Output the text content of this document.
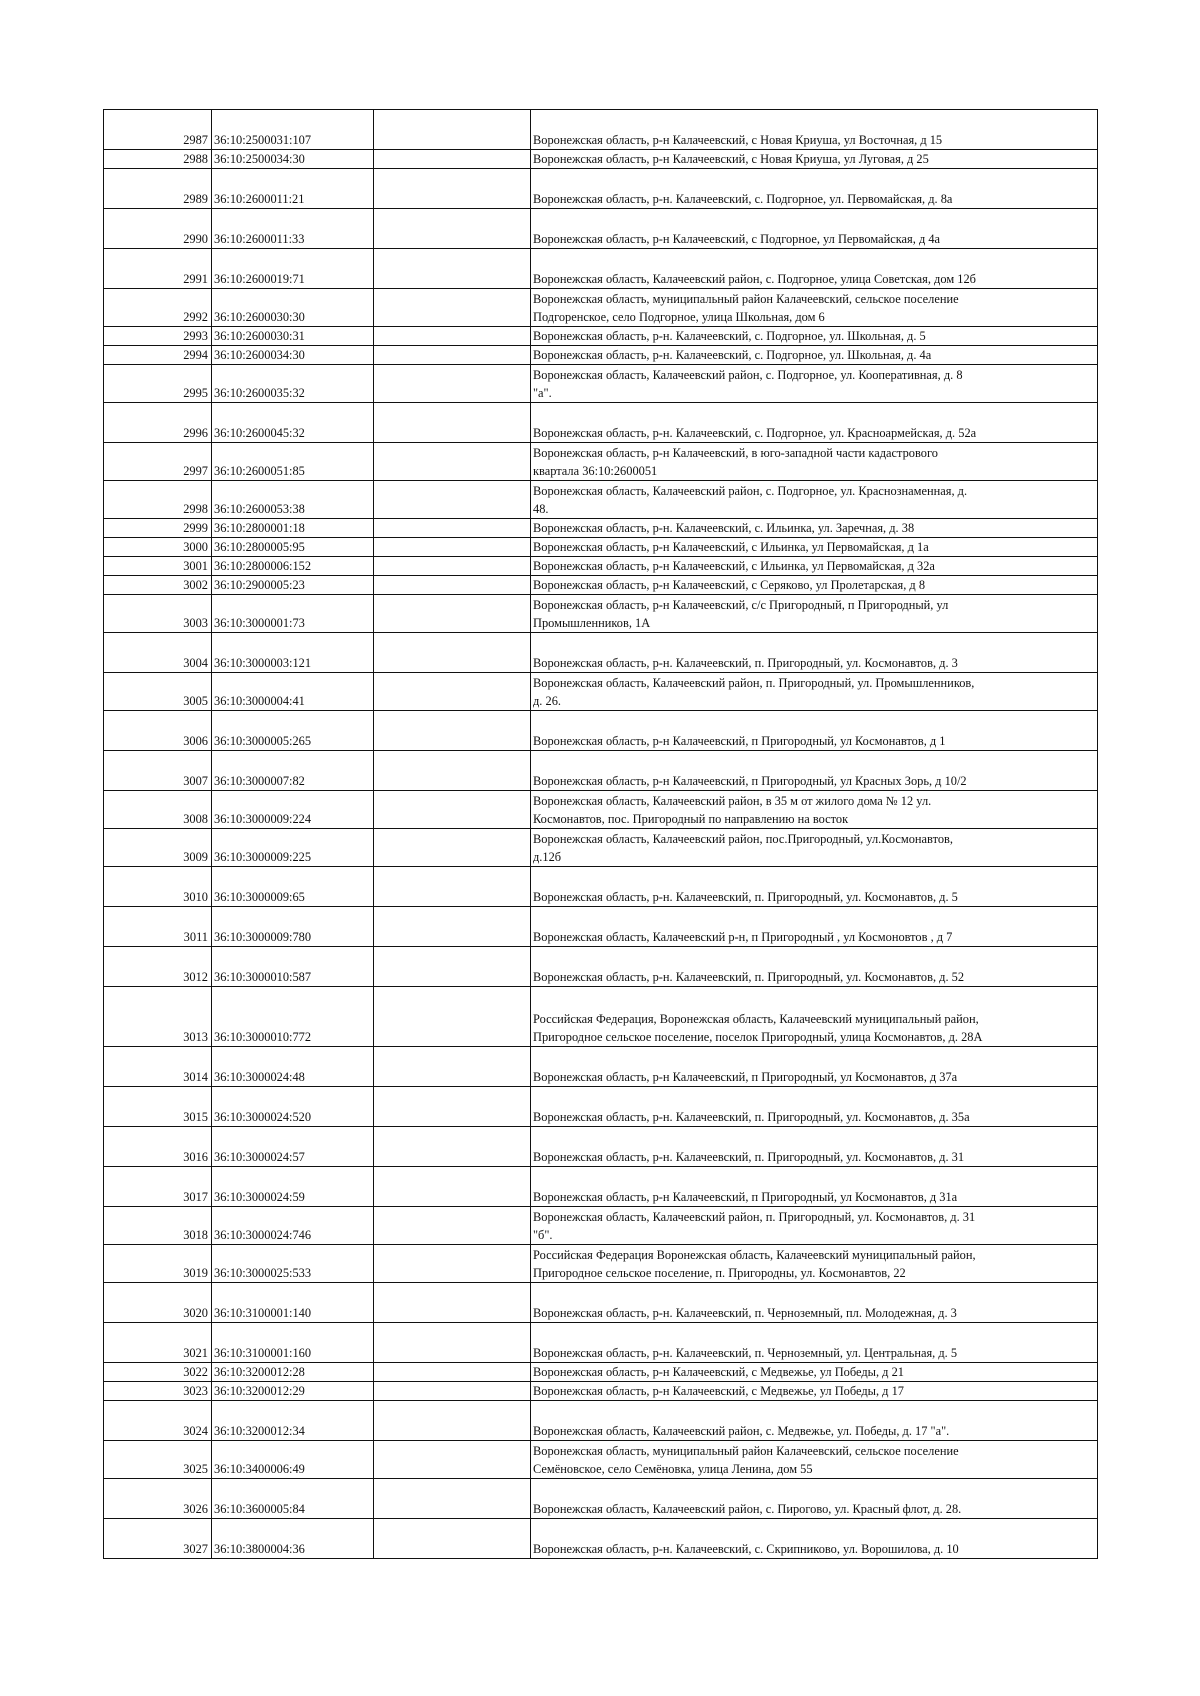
2987	36:10:2500031:107		Воронежская область, р-н Калачеевский, с Новая Криуша, ул Восточная, д 15
2988	36:10:2500034:30		Воронежская область, р-н Калачеевский, с Новая Криуша, ул Луговая, д 25
2989	36:10:2600011:21		Воронежская область, р-н. Калачеевский, с. Подгорное, ул. Первомайская, д. 8а
2990	36:10:2600011:33		Воронежская область, р-н Калачеевский, с Подгорное, ул Первомайская, д 4а
2991	36:10:2600019:71		Воронежская область, Калачеевский район, с. Подгорное, улица Советская, дом 12б
2992	36:10:2600030:30		Воронежская область, муниципальный район Калачеевский, сельское поселение
Подгоренское, село Подгорное, улица Школьная, дом 6
2993	36:10:2600030:31		Воронежская область, р-н. Калачеевский, с. Подгорное, ул. Школьная, д. 5
2994	36:10:2600034:30		Воронежская область, р-н. Калачеевский, с. Подгорное, ул. Школьная, д. 4а
2995	36:10:2600035:32		Воронежская область, Калачеевский район, с. Подгорное, ул. Кооперативная, д. 8
"а".
2996	36:10:2600045:32		Воронежская область, р-н. Калачеевский, с. Подгорное, ул. Красноармейская, д. 52а
2997	36:10:2600051:85		Воронежская область, р-н Калачеевский, в юго-западной части кадастрового
квартала 36:10:2600051
2998	36:10:2600053:38		Воронежская область, Калачеевский район, с. Подгорное, ул. Краснознаменная, д.
48.
2999	36:10:2800001:18		Воронежская область, р-н. Калачеевский, с. Ильинка, ул. Заречная, д. 38
3000	36:10:2800005:95		Воронежская область, р-н Калачеевский, с Ильинка, ул Первомайская, д 1а
3001	36:10:2800006:152		Воронежская область, р-н Калачеевский, с Ильинка, ул Первомайская, д 32а
3002	36:10:2900005:23		Воронежская область, р-н Калачеевский, с Серяково, ул Пролетарская, д 8
3003	36:10:3000001:73		Воронежская область, р-н Калачеевский, с/с Пригородный, п Пригородный, ул
Промышленников, 1А
3004	36:10:3000003:121		Воронежская область, р-н. Калачеевский, п. Пригородный, ул. Космонавтов, д. 3
3005	36:10:3000004:41		Воронежская область, Калачеевский район, п. Пригородный, ул. Промышленников,
д. 26.
3006	36:10:3000005:265		Воронежская область, р-н Калачеевский, п Пригородный, ул Космонавтов, д 1
3007	36:10:3000007:82		Воронежская область, р-н Калачеевский, п Пригородный, ул Красных Зорь, д 10/2
3008	36:10:3000009:224		Воронежская область, Калачеевский район, в 35 м от жилого дома № 12 ул.
Космонавтов, пос. Пригородный по направлению на восток
3009	36:10:3000009:225		Воронежская область, Калачеевский район, пос.Пригородный, ул.Космонавтов,
д.12б
3010	36:10:3000009:65		Воронежская область, р-н. Калачеевский, п. Пригородный, ул. Космонавтов, д. 5
3011	36:10:3000009:780		Воронежская область, Калачеевский р-н, п Пригородный , ул Космоновтов , д 7
3012	36:10:3000010:587		Воронежская область, р-н. Калачеевский, п. Пригородный, ул. Космонавтов, д. 52
3013	36:10:3000010:772		Российская Федерация, Воронежская область, Калачеевский муниципальный район,
Пригородное сельское поселение, поселок Пригородный, улица Космонавтов, д. 28А
3014	36:10:3000024:48		Воронежская область, р-н Калачеевский, п Пригородный, ул Космонавтов, д 37а
3015	36:10:3000024:520		Воронежская область, р-н. Калачеевский, п. Пригородный, ул. Космонавтов, д. 35а
3016	36:10:3000024:57		Воронежская область, р-н. Калачеевский, п. Пригородный, ул. Космонавтов, д. 31
3017	36:10:3000024:59		Воронежская область, р-н Калачеевский, п Пригородный, ул Космонавтов, д 31а
3018	36:10:3000024:746		Воронежская область, Калачеевский район, п. Пригородный, ул. Космонавтов, д. 31
"б".
3019	36:10:3000025:533		Российская Федерация Воронежская область, Калачеевский муниципальный район,
Пригородное сельское поселение, п. Пригородны, ул. Космонавтов, 22
3020	36:10:3100001:140		Воронежская область, р-н. Калачеевский, п. Черноземный, пл. Молодежная, д. 3
3021	36:10:3100001:160		Воронежская область, р-н. Калачеевский, п. Черноземный, ул. Центральная, д. 5
3022	36:10:3200012:28		Воронежская область, р-н Калачеевский, с Медвежье, ул Победы, д 21
3023	36:10:3200012:29		Воронежская область, р-н Калачеевский, с Медвежье, ул Победы, д 17
3024	36:10:3200012:34		Воронежская область, Калачеевский район, с. Медвежье, ул. Победы, д. 17 "а".
3025	36:10:3400006:49		Воронежская область, муниципальный район Калачеевский, сельское поселение
Семёновское, село Семёновка, улица Ленина, дом 55
3026	36:10:3600005:84		Воронежская область, Калачеевский район, с. Пирогово, ул. Красный флот, д. 28.
3027	36:10:3800004:36		Воронежская область, р-н. Калачеевский, с. Скрипниково, ул. Ворошилова, д. 10
